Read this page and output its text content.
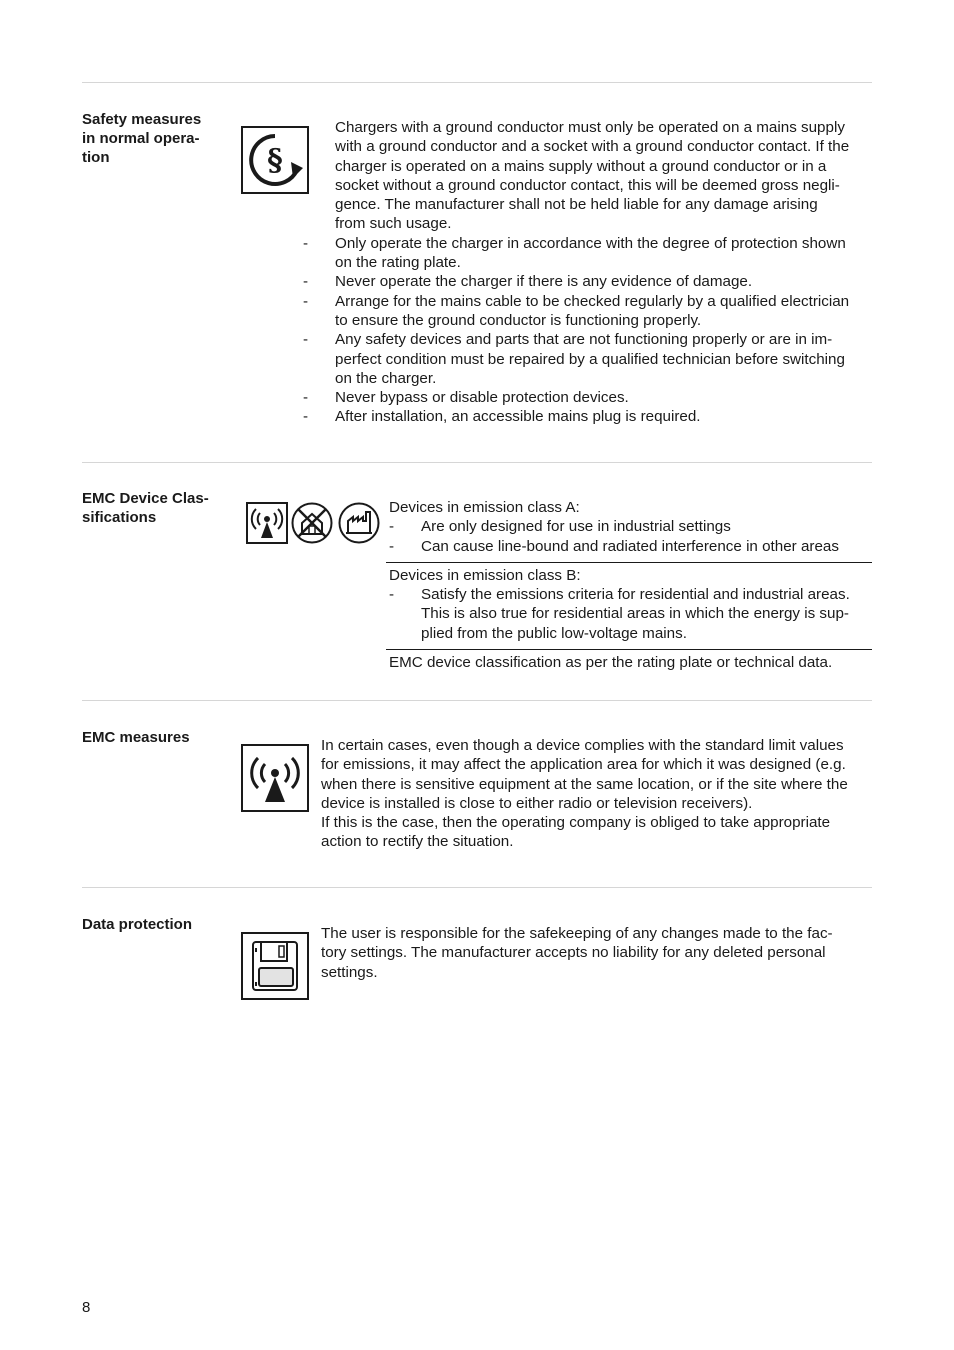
Safety measures
in normal opera-
tion	§
Chargers with a ground conductor must only be operated on a mains supply
with a ground conductor and a socket with a ground conductor contact. If the
charger is operated on a mains supply without a ground conductor or in a
socket without a ground conductor contact, this will be deemed gross negli-
gence. The manufacturer shall not be held liable for any damage arising
from such usage.
- Only operate the charger in accordance with the degree of protection shown
on the rating plate.
- Never operate the charger if there is any evidence of damage.
- Arrange for the mains cable to be checked regularly by a qualified electrician
to ensure the ground conductor is functioning properly.
- Any safety devices and parts that are not functioning properly or are in im-
perfect condition must be repaired by a qualified technician before switching
on the charger.
- Never bypass or disable protection devices.
- After installation, an accessible mains plug is required.
EMC Device Clas-
sifications
Devices in emission class A:
- Are only designed for use in industrial settings
- Can cause line-bound and radiated interference in other areas
Devices in emission class B:
- Satisfy the emissions criteria for residential and industrial areas.
This is also true for residential areas in which the energy is sup-
plied from the public low-voltage mains.
EMC device classification as per the rating plate or technical data.
EMC measures	In certain cases, even though a device complies with the standard limit values
for emissions, it may affect the application area for which it was designed (e.g.
when there is sensitive equipment at the same location, or if the site where the
device is installed is close to either radio or television receivers).
If this is the case, then the operating company is obliged to take appropriate
action to rectify the situation.
Data protection
The user is responsible for the safekeeping of any changes made to the fac-
tory settings. The manufacturer accepts no liability for any deleted personal
settings.
8
